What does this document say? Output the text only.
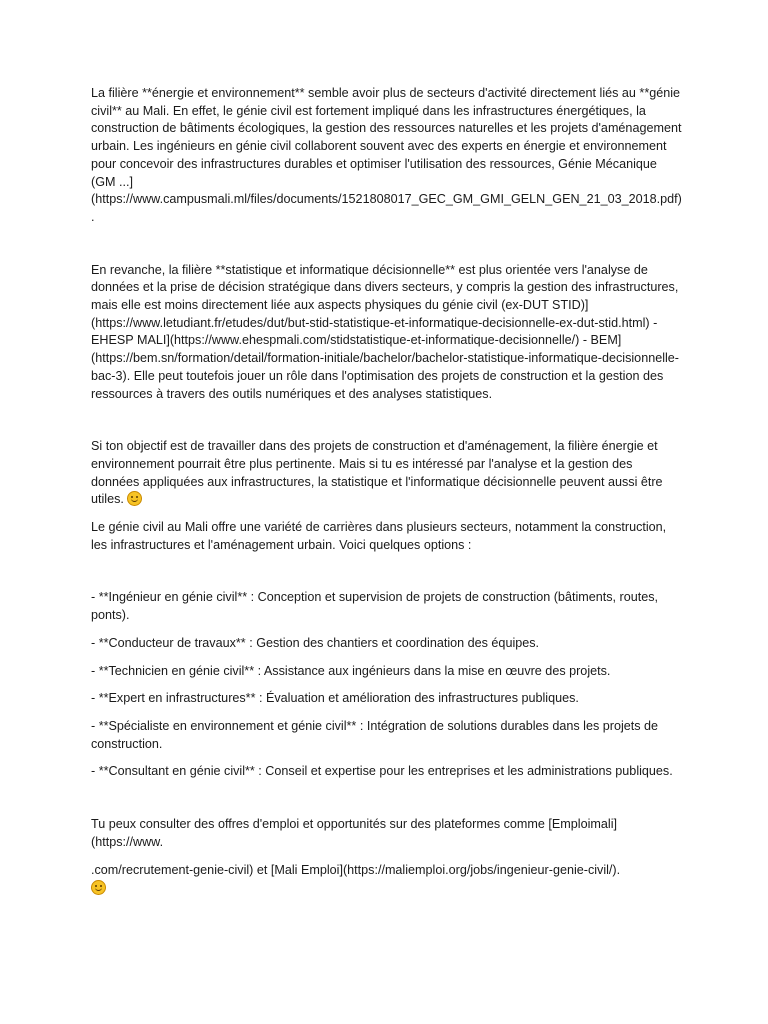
La filière **énergie et environnement** semble avoir plus de secteurs d'activité directement liés au **génie civil** au Mali. En effet, le génie civil est fortement impliqué dans les infrastructures énergétiques, la construction de bâtiments écologiques, la gestion des ressources naturelles et les projets d'aménagement urbain. Les ingénieurs en génie civil collaborent souvent avec des experts en énergie et environnement pour concevoir des infrastructures durables et optimiser l'utilisation des ressources, Génie Mécanique (GM ...](https://www.campusmali.ml/files/documents/1521808017_GEC_GM_GMI_GELN_GEN_21_03_2018.pdf).

En revanche, la filière **statistique et informatique décisionnelle** est plus orientée vers l'analyse de données et la prise de décision stratégique dans divers secteurs, y compris la gestion des infrastructures, mais elle est moins directement liée aux aspects physiques du génie civil (ex-DUT STID)](https://www.letudiant.fr/etudes/dut/but-stid-statistique-et-informatique-decisionnelle-ex-dut-stid.html) - EHESP MALI](https://www.ehespmali.com/stidstatistique-et-informatique-decisionnelle/) - BEM](https://bem.sn/formation/detail/formation-initiale/bachelor/bachelor-statistique-informatique-decisionnelle-bac-3). Elle peut toutefois jouer un rôle dans l'optimisation des projets de construction et la gestion des ressources à travers des outils numériques et des analyses statistiques.

Si ton objectif est de travailler dans des projets de construction et d'aménagement, la filière énergie et environnement pourrait être plus pertinente. Mais si tu es intéressé par l'analyse et la gestion des données appliquées aux infrastructures, la statistique et l'informatique décisionnelle peuvent aussi être utiles.

Le génie civil au Mali offre une variété de carrières dans plusieurs secteurs, notamment la construction, les infrastructures et l'aménagement urbain. Voici quelques options :

- **Ingénieur en génie civil** : Conception et supervision de projets de construction (bâtiments, routes, ponts).

- **Conducteur de travaux** : Gestion des chantiers et coordination des équipes.

- **Technicien en génie civil** : Assistance aux ingénieurs dans la mise en œuvre des projets.

- **Expert en infrastructures** : Évaluation et amélioration des infrastructures publiques.

- **Spécialiste en environnement et génie civil** : Intégration de solutions durables dans les projets de construction.

- **Consultant en génie civil** : Conseil et expertise pour les entreprises et les administrations publiques.

Tu peux consulter des offres d'emploi et opportunités sur des plateformes comme [Emploimali](https://www.

.com/recrutement-genie-civil) et [Mali Emploi](https://maliemploi.org/jobs/ingenieur-genie-civil/).
